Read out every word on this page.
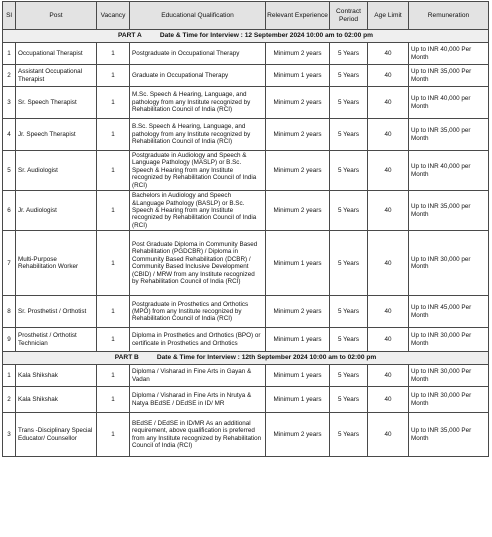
Sl	Post	Vacancy	Educational Qualification	Relevant Experience	Contract Period	Age Limit	Remuneration
PART A Date & Time for Interview : 12 September 2024 10:00 am to 02:00 pm							
1	Occupational Therapist	1	Postgraduate in Occupational Therapy	Minimum 2 years	5 Years	40	Up to INR 40,000 Per Month
2	Assistant Occupational Therapist	1	Graduate in Occupational Therapy	Minimum 1 years	5 Years	40	Up to INR 35,000 Per Month
3	Sr. Speech Therapist	1	M.Sc. Speech & Hearing, Language, and pathology from any Institute recognized by Rehabilitation Council of India (RCI)	Minimum 2 years	5 Years	40	Up to INR 40,000 per Month
4	Jr. Speech Therapist	1	B.Sc. Speech & Hearing, Language, and pathology from any Institute recognized by Rehabilitation Council of India (RCI)	Minimum 2 years	5 Years	40	Up to INR 35,000 per Month
5	Sr. Audiologist	1	Postgraduate in Audiology and Speech & Language Pathology (MASLP) or B.Sc. Speech & Hearing from any Institute recognized by Rehabilitation Council of India (RCI)	Minimum 2 years	5 Years	40	Up to INR 40,000 per Month
6	Jr. Audiologist	1	Bachelors in Audiology and Speech &Language Pathology (BASLP) or B.Sc. Speech & Hearing from any Institute recognized by Rehabilitation Council of India (RCI)	Minimum 2 years	5 Years	40	Up to INR 35,000 per Month
7	Multi-Purpose Rehabilitation Worker	1	Post Graduate Diploma in Community Based Rehabilitation (PGDCBR) / Diploma in Community Based Rehabilitation (DCBR) / Community Based Inclusive Development (CBID) / MRW from any Institute recognized by Rehabilitation Council of India (RCI)	Minimum 1 years	5 Years	40	Up to INR 30,000 per Month
8	Sr. Prosthetist / Orthotist	1	Postgraduate in Prosthetics and Orthotics (MPO) from any Institute recognized by Rehabilitation Council of India (RCI)	Minimum 2 years	5 Years	40	Up to INR 45,000 Per Month
9	Prosthetist / Orthotist Technician	1	Diploma in Prosthetics and Orthotics (BPO) or certificate in Prosthetics and Orthotics	Minimum 1 years	5 Years	40	Up to INR 30,000 Per Month
PART B Date & Time for Interview : 12th September 2024 10:00 am to 02:00 pm							
1	Kala Shikshak	1	Diploma / Visharad in Fine Arts in Gayan & Vadan	Minimum 1 years	5 Years	40	Up to INR 30,000 Per Month
2	Kala Shikshak	1	Diploma / Visharad in Fine Arts in Nrutya & Natya BEdSE / DEdSE in ID/ MR	Minimum 1 years	5 Years	40	Up to INR 30,000 Per Month
3	Trans -Disciplinary Special Educator/ Counsellor	1	BEdSE / DEdSE in ID/MR As an additional requirement, above qualification is preferred from any Institute recognized by Rehabilitation Council of India (RCI)	Minimum 2 years	5 Years	40	Up to INR 35,000 Per Month
